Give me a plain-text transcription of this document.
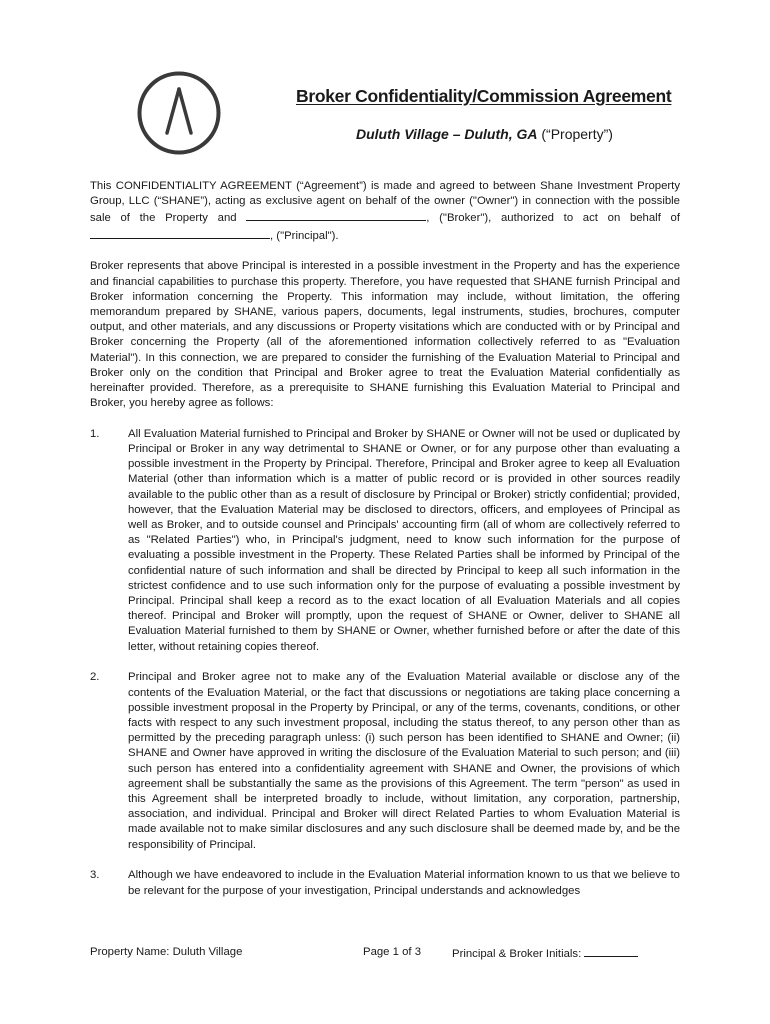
Broker Confidentiality/Commission Agreement
Duluth Village – Duluth, GA (“Property”)

This CONFIDENTIALITY AGREEMENT (“Agreement”) is made and agreed to between Shane Investment Property Group, LLC (“SHANE”), acting as exclusive agent on behalf of the owner ("Owner") in connection with the possible sale of the Property and	, ("Broker"), authorized to act on behalf of , ("Principal").

Broker represents that above Principal is interested in a possible investment in the Property and has the experience and financial capabilities to purchase this property. Therefore, you have requested that SHANE furnish Principal and Broker information concerning the Property. This information may include, without limitation, the offering memorandum prepared by SHANE, various papers, documents, legal instruments, studies, brochures, computer output, and other materials, and any discussions or Property visitations which are conducted with or by Principal and Broker concerning the Property (all of the aforementioned information collectively referred to as "Evaluation Material"). In this connection, we are prepared to consider the furnishing of the Evaluation Material to Principal and Broker only on the condition that Principal and Broker agree to treat the Evaluation Material confidentially as hereinafter provided. Therefore, as a prerequisite to SHANE furnishing this Evaluation Material to Principal and Broker, you hereby agree as follows:

1.	All Evaluation Material furnished to Principal and Broker by SHANE or Owner will not be used or duplicated by Principal or Broker in any way detrimental to SHANE or Owner, or for any purpose other than evaluating a possible investment in the Property by Principal. Therefore, Principal and Broker agree to keep all Evaluation Material (other than information which is a matter of public record or is provided in other sources readily available to the public other than as a result of disclosure by Principal or Broker) strictly confidential; provided, however, that the Evaluation Material may be disclosed to directors, officers, and employees of Principal as well as Broker, and to outside counsel and Principals' accounting firm (all of whom are collectively referred to as "Related Parties") who, in Principal's judgment, need to know such information for the purpose of evaluating a possible investment in the Property. These Related Parties shall be informed by Principal of the confidential nature of such information and shall be directed by Principal to keep all such information in the strictest confidence and to use such information only for the purpose of evaluating a possible investment by Principal. Principal shall keep a record as to the exact location of all Evaluation Materials and all copies thereof. Principal and Broker will promptly, upon the request of SHANE or Owner, deliver to SHANE all Evaluation Material furnished to them by SHANE or Owner, whether furnished before or after the date of this letter, without retaining copies thereof.
2.	Principal and Broker agree not to make any of the Evaluation Material available or disclose any of the contents of the Evaluation Material, or the fact that discussions or negotiations are taking place concerning a possible investment proposal in the Property by Principal, or any of the terms, covenants, conditions, or other facts with respect to any such investment proposal, including the status thereof, to any person other than as permitted by the preceding paragraph unless: (i) such person has been identified to SHANE and Owner; (ii) SHANE and Owner have approved in writing the disclosure of the Evaluation Material to such person; and (iii) such person has entered into a confidentiality agreement with SHANE and Owner, the provisions of which agreement shall be substantially the same as the provisions of this Agreement. The term "person" as used in this Agreement shall be interpreted broadly to include, without limitation, any corporation, partnership, association, and individual. Principal and Broker will direct Related Parties to whom Evaluation Material is made available not to make similar disclosures and any such disclosure shall be deemed made by, and be the responsibility of Principal.
3.	Although we have endeavored to include in the Evaluation Material information known to us that we believe to be relevant for the purpose of your investigation, Principal understands and acknowledges
Property Name: Duluth Village	Page 1 of 3	Principal & Broker Initials:
